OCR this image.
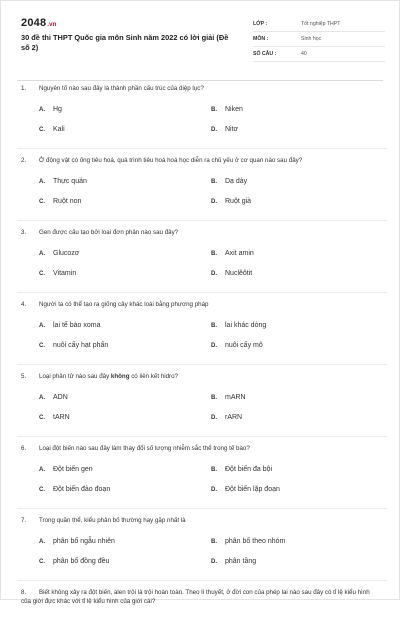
2048.vn
30 đề thi THPT Quốc gia môn Sinh năm 2022 có lời giải (Đề số 2)
LỚP :	Tốt nghiệp THPT
MÔN :	Sinh học
SỐ CÂU :	40
1. Nguyên tố nào sau đây là thành phần cấu trúc của diệp lục?
A. Hg	B. Niken
C. Kali	D. Nitơ
2. Ở động vật có ống tiêu hoá, quá trình tiêu hoá hoá học diễn ra chủ yếu ở cơ quan nào sau đây?
A. Thực quản	B. Dạ dày
C. Ruột non	D. Ruột già
3. Gen được cấu tạo bởi loại đơn phân nào sau đây?
A. Glucozơ	B. Axit amin
C. Vitamin	D. Nuclêôtit
4. Người ta có thể tạo ra giống cây khác loài bằng phương pháp
A. lai tế bào xoma	B. lai khác dòng
C. nuôi cấy hạt phấn	D. nuôi cấy mô
5. Loại phân tử nào sau đây không có liên kết hidro?
A. ADN	B. mARN
C. tARN	D. rARN
6. Loại đột biến nào sau đây làm thay đổi số lượng nhiễm sắc thể trong tế bào?
A. Đột biến gen	B. Đột biến đa bội
C. Đột biến đảo đoạn	D. Đột biến lặp đoạn
7. Trong quần thể, kiểu phân bố thường hay gặp nhất là
A. phân bố ngẫu nhiên	B. phân bố theo nhóm
C. phân bố đồng đều	D. phân tầng
8. Biết không xảy ra đột biến, alen trội là trội hoàn toàn. Theo lí thuyết, ở đời con của phép lai nào sau đây có tỉ lệ kiểu hình của giới đực khác với tỉ lệ kiểu hình của giới cái?
